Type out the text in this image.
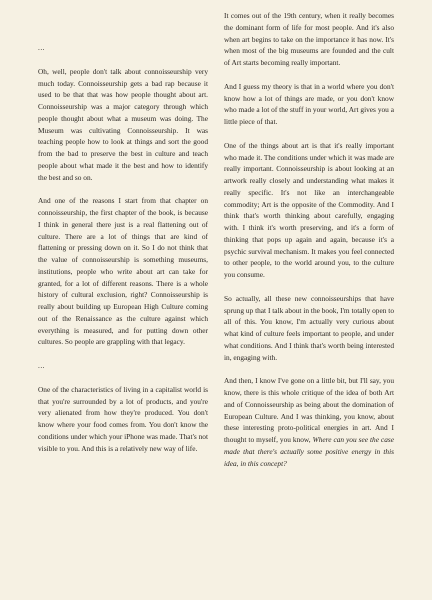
...

Oh, well, people don't talk about connoisseurship very much today. Connoisseurship gets a bad rap because it used to be that that was how people thought about art. Connoisseurship was a major category through which people thought about what a museum was doing. The Museum was cultivating Connoisseurship. It was teaching people how to look at things and sort the good from the bad to preserve the best in culture and teach people about what made it the best and how to identify the best and so on.

And one of the reasons I start from that chapter on connoisseurship, the first chapter of the book, is because I think in general there just is a real flattening out of culture. There are a lot of things that are kind of flattening or pressing down on it. So I do not think that the value of connoisseurship is something museums, institutions, people who write about art can take for granted, for a lot of different reasons. There is a whole history of cultural exclusion, right? Connoisseurship is really about building up European High Culture coming out of the Renaissance as the culture against which everything is measured, and for putting down other cultures. So people are grappling with that legacy.

...

One of the characteristics of living in a capitalist world is that you're surrounded by a lot of products, and you're very alienated from how they're produced. You don't know where your food comes from. You don't know the conditions under which your iPhone was made. That's not visible to you. And this is a relatively new way of life.

It comes out of the 19th century, when it really becomes the dominant form of life for most people. And it's also when art begins to take on the importance it has now. It's when most of the big museums are founded and the cult of Art starts becoming really important.

And I guess my theory is that in a world where you don't know how a lot of things are made, or you don't know who made a lot of the stuff in your world, Art gives you a little piece of that.

One of the things about art is that it's really important who made it. The conditions under which it was made are really important. Connoisseurship is about looking at an artwork really closely and understanding what makes it really specific. It's not like an interchangeable commodity; Art is the opposite of the Commodity. And I think that's worth thinking about carefully, engaging with. I think it's worth preserving, and it's a form of thinking that pops up again and again, because it's a psychic survival mechanism. It makes you feel connected to other people, to the world around you, to the culture you consume.

So actually, all these new connoisseurships that have sprung up that I talk about in the book, I'm totally open to all of this. You know, I'm actually very curious about what kind of culture feels important to people, and under what conditions. And I think that's worth being interested in, engaging with.

And then, I know I've gone on a little bit, but I'll say, you know, there is this whole critique of the idea of both Art and of Connoisseurship as being about the domination of European Culture. And I was thinking, you know, about these interesting proto-political energies in art. And I thought to myself, you know, Where can you see the case made that there's actually some positive energy in this idea, in this concept?
